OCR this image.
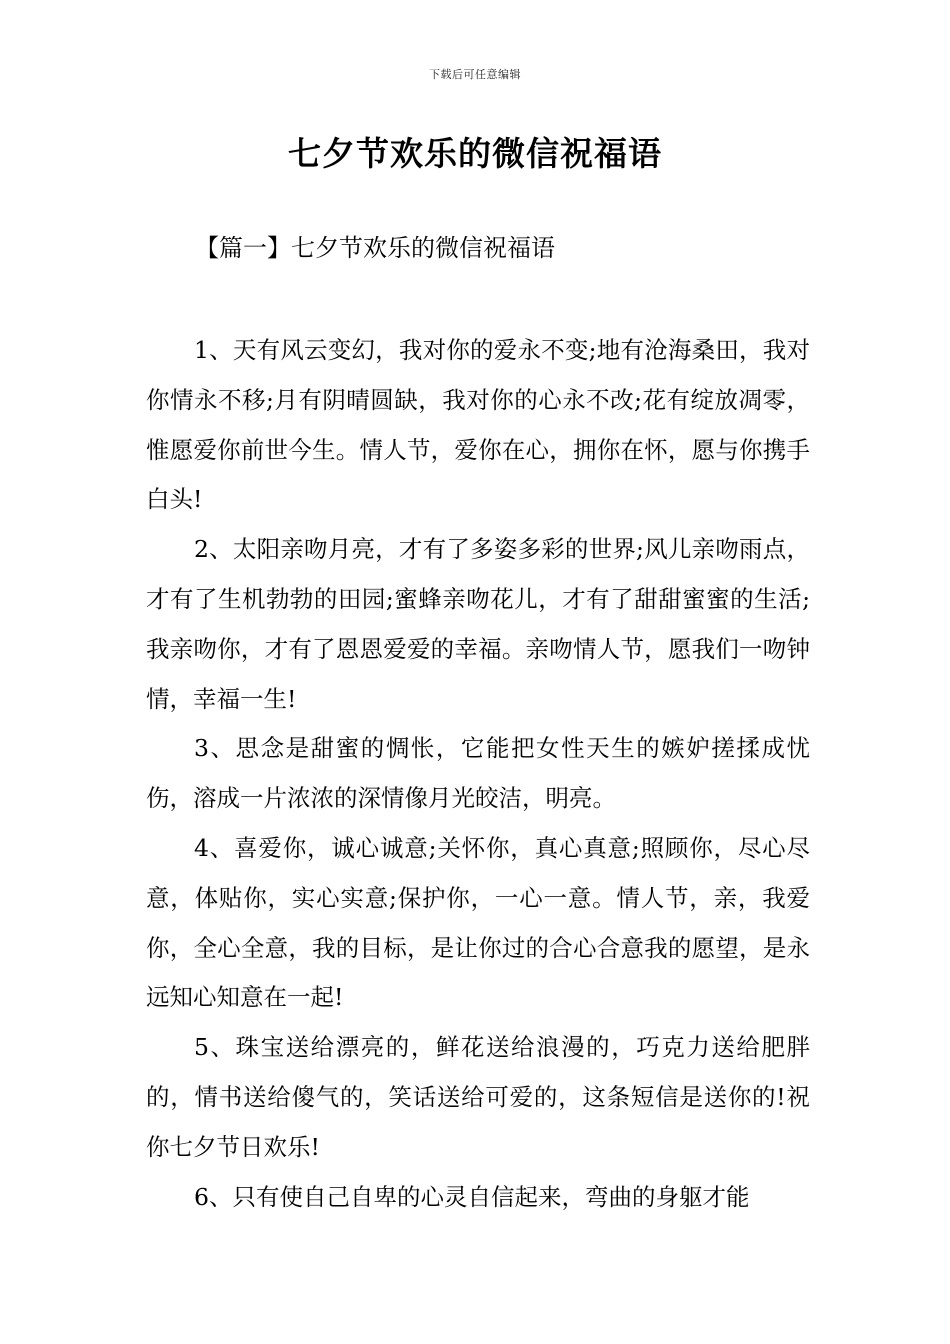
下载后可任意编辑
七夕节欢乐的微信祝福语
【篇一】七夕节欢乐的微信祝福语

1、天有风云变幻，我对你的爱永不变;地有沧海桑田，我对你情永不移;月有阴晴圆缺，我对你的心永不改;花有绽放凋零，惟愿爱你前世今生。情人节，爱你在心，拥你在怀，愿与你携手白头!

2、太阳亲吻月亮，才有了多姿多彩的世界;风儿亲吻雨点，才有了生机勃勃的田园;蜜蜂亲吻花儿，才有了甜甜蜜蜜的生活;我亲吻你，才有了恩恩爱爱的幸福。亲吻情人节，愿我们一吻钟情，幸福一生!

3、思念是甜蜜的惆怅，它能把女性天生的嫉妒搓揉成忧伤，溶成一片浓浓的深情像月光皎洁，明亮。

4、喜爱你，诚心诚意;关怀你，真心真意;照顾你，尽心尽意，体贴你，实心实意;保护你，一心一意。情人节，亲，我爱你，全心全意，我的目标，是让你过的合心合意我的愿望，是永远知心知意在一起!

5、珠宝送给漂亮的，鲜花送给浪漫的，巧克力送给肥胖的，情书送给傻气的，笑话送给可爱的，这条短信是送你的!祝你七夕节日欢乐!

6、只有使自己自卑的心灵自信起来，弯曲的身躯才能
